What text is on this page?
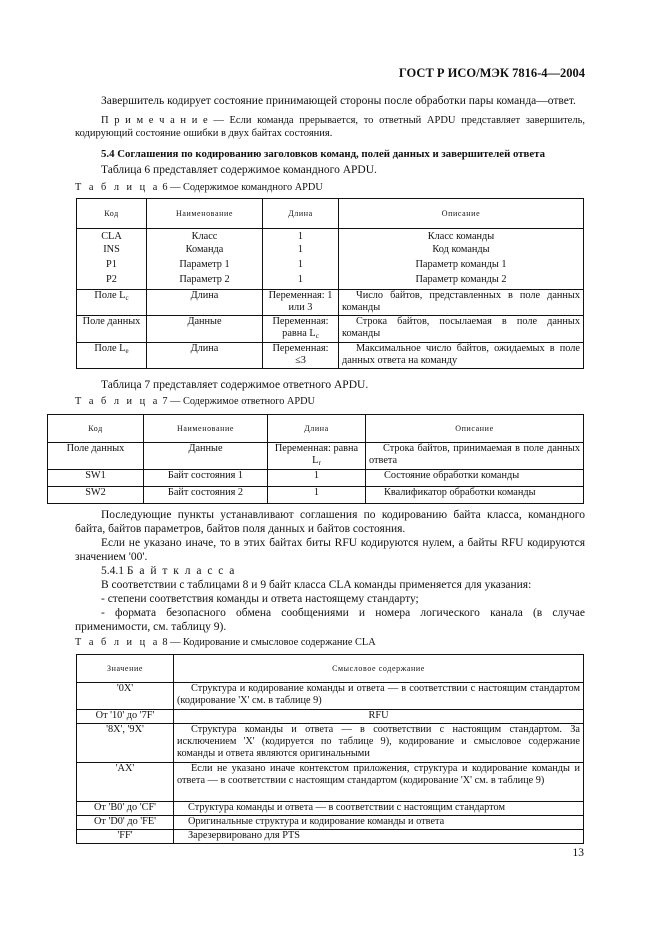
ГОСТ Р ИСО/МЭК 7816-4—2004
Завершитель кодирует состояние принимающей стороны после обработки пары команда—ответ.
П р и м е ч а н и е — Если команда прерывается, то ответный APDU представляет завершитель, кодирующий состояние ошибки в двух байтах состояния.
5.4 Соглашения по кодированию заголовков команд, полей данных и завершителей ответа
Таблица 6 представляет содержимое командного APDU.
Т а б л и ц а 6 — Содержимое командного APDU
Код	Наименование	Длина	Описание
CLA	Класс	1	Класс команды
INS	Команда	1	Код команды
P1	Параметр 1	1	Параметр команды 1
P2	Параметр 2	1	Параметр команды 2
Поле $L_c$	Длина	Переменная: 1 или 3	Число байтов, представленных в поле данных команды
Поле данных	Данные	Переменная: равна $L_c$	Строка байтов, посылаемая в поле данных команды
Поле $L_e$	Длина	Переменная: ≤3	Максимальное число байтов, ожидаемых в поле данных ответа на команду
Таблица 7 представляет содержимое ответного APDU.
Т а б л и ц а 7 — Содержимое ответного APDU
Код	Наименование	Длина	Описание
Поле данных	Данные	Переменная: равна $L_r$	Строка байтов, принимаемая в поле данных ответа
SW1	Байт состояния 1	1	Состояние обработки команды
SW2	Байт состояния 2	1	Квалификатор обработки команды
Последующие пункты устанавливают соглашения по кодированию байта класса, командного байта, байтов параметров, байтов поля данных и байтов состояния.
Если не указано иначе, то в этих байтах биты RFU кодируются нулем, а байты RFU кодируются значением '00'.
5.4.1 Б а й т к л а с с а
В соответствии с таблицами 8 и 9 байт класса CLA команды применяется для указания:
- степени соответствия команды и ответа настоящему стандарту;
- формата безопасного обмена сообщениями и номера логического канала (в случае применимости, см. таблицу 9).
Т а б л и ц а 8 — Кодирование и смысловое содержание CLA
Значение	Смысловое содержание
'0X'	Структура и кодирование команды и ответа — в соответствии с настоящим стандартом (кодирование 'X' см. в таблице 9)
От '10' до '7F'	RFU
'8X', '9X'	Структура команды и ответа — в соответствии с настоящим стандартом. За исключением 'X' (кодируется по таблице 9), кодирование и смысловое содержание команды и ответа являются оригинальными
'AX'	Если не указано иначе контекстом приложения, структура и кодирование команды и ответа — в соответствии с настоящим стандартом (кодирование 'X' см. в таблице 9)
От 'B0' до 'CF'	Структура команды и ответа — в соответствии с настоящим стандартом
От 'D0' до 'FE'	Оригинальные структура и кодирование команды и ответа
'FF'	Зарезервировано для PTS
13
